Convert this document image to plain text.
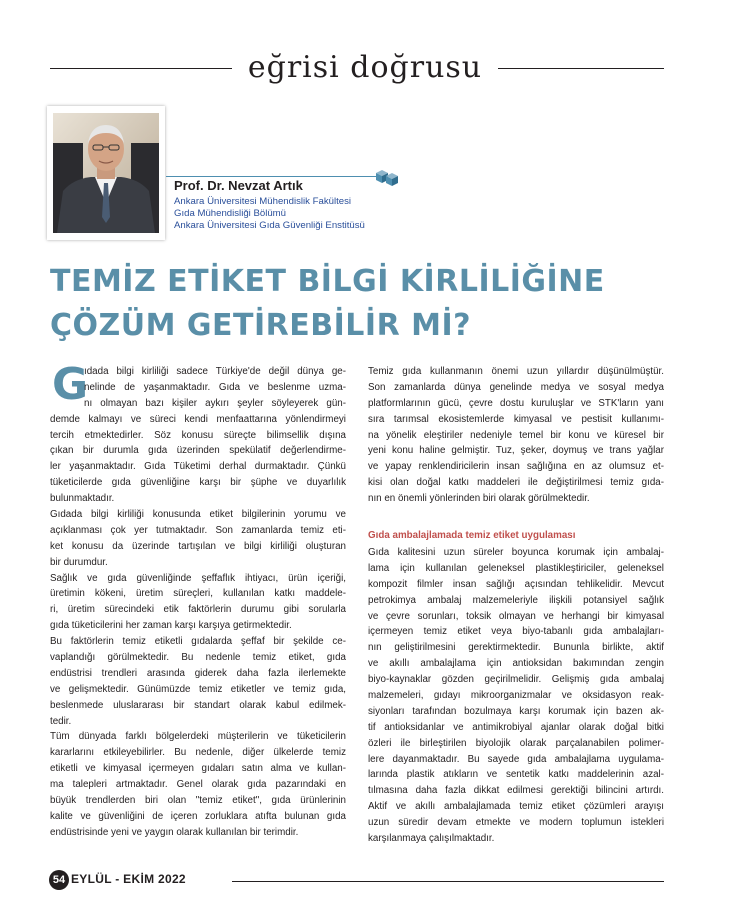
eğrisi doğrusu
Prof. Dr. Nevzat Artık
Ankara Üniversitesi Mühendislik Fakültesi
Gıda Mühendisliği Bölümü
Ankara Üniversitesi Gıda Güvenliği Enstitüsü
TEMİZ ETİKET BİLGİ KİRLİLİĞİNE
ÇÖZÜM GETİREBİLİR Mİ?
G
ıdada bilgi kirliliği sadece Türkiye'de değil dünya ge-
nelinde de yaşanmaktadır. Gıda ve beslenme uzma-
nı olmayan bazı kişiler aykırı şeyler söyleyerek gün-
demde kalmayı ve süreci kendi menfaattarına yönlendirmeyi
tercih etmektedirler. Söz konusu süreçte bilimsellik dışına
çıkan bir durumla gıda üzerinden spekülatif değerlendirme-
ler yaşanmaktadır. Gıda Tüketimi derhal durmaktadır. Çünkü
tüketicilerde gıda güvenliğine karşı bir şüphe ve duyarlılık
bulunmaktadır.
Gıdada bilgi kirliliği konusunda etiket bilgilerinin yorumu ve
açıklanması çok yer tutmaktadır. Son zamanlarda temiz eti-
ket konusu da üzerinde tartışılan ve bilgi kirliliği oluşturan
bir durumdur.
Sağlık ve gıda güvenliğinde şeffaflık ihtiyacı, ürün içeriği,
üretimin kökeni, üretim süreçleri, kullanılan katkı maddele-
ri, üretim sürecindeki etik faktörlerin durumu gibi sorularla
gıda tüketicilerini her zaman karşı karşıya getirmektedir.
Bu faktörlerin temiz etiketli gıdalarda şeffaf bir şekilde ce-
vaplandığı görülmektedir. Bu nedenle temiz etiket, gıda
endüstrisi trendleri arasında giderek daha fazla ilerlemekte
ve gelişmektedir. Günümüzde temiz etiketler ve temiz gıda,
beslenmede uluslararası bir standart olarak kabul edilmek-
tedir.
Tüm dünyada farklı bölgelerdeki müşterilerin ve tüketicilerin
kararlarını etkileyebilirler. Bu nedenle, diğer ülkelerde temiz
etiketli ve kimyasal içermeyen gıdaları satın alma ve kullan-
ma talepleri artmaktadır. Genel olarak gıda pazarındaki en
büyük trendlerden biri olan "temiz etiket", gıda ürünlerinin
kalite ve güvenliğini de içeren zorluklara atıfta bulunan gıda
endüstrisinde yeni ve yaygın olarak kullanılan bir terimdir.
Temiz gıda kullanmanın önemi uzun yıllardır düşünülmüştür.
Son zamanlarda dünya genelinde medya ve sosyal medya
platformlarının gücü, çevre dostu kuruluşlar ve STK'ların yanı
sıra tarımsal ekosistemlerde kimyasal ve pestisit kullanımı-
na yönelik eleştiriler nedeniyle temel bir konu ve küresel bir
yeni konu haline gelmiştir. Tuz, şeker, doymuş ve trans yağlar
ve yapay renklendiricilerin insan sağlığına en az olumsuz et-
kisi olan doğal katkı maddeleri ile değiştirilmesi temiz gıda-
nın en önemli yönlerinden biri olarak görülmektedir.
Gıda ambalajlamada temiz etiket uygulaması
Gıda kalitesini uzun süreler boyunca korumak için ambalaj-
lama için kullanılan geleneksel plastikleştiriciler, geleneksel
kompozit filmler insan sağlığı açısından tehlikelidir. Mevcut
petrokimya ambalaj malzemeleriyle ilişkili potansiyel sağlık
ve çevre sorunları, toksik olmayan ve herhangi bir kimyasal
içermeyen temiz etiket veya biyo-tabanlı gıda ambalajları-
nın geliştirilmesini gerektirmektedir. Bununla birlikte, aktif
ve akıllı ambalajlama için antioksidan bakımından zengin
biyo-kaynaklar gözden geçirilmelidir. Gelişmiş gıda ambalaj
malzemeleri, gıdayı mikroorganizmalar ve oksidasyon reak-
siyonları tarafından bozulmaya karşı korumak için bazen ak-
tif antioksidanlar ve antimikrobiyal ajanlar olarak doğal bitki
özleri ile birleştirilen biyolojik olarak parçalanabilen polimer-
lere dayanmaktadır. Bu sayede gıda ambalajlama uygulama-
larında plastik atıkların ve sentetik katkı maddelerinin azal-
tılmasına daha fazla dikkat edilmesi gerektiği bilincini artırdı.
Aktif ve akıllı ambalajlamada temiz etiket çözümleri arayışı
uzun süredir devam etmekte ve modern toplumun istekleri
karşılanmaya çalışılmaktadır.
54 EYLÜL - EKİM 2022
